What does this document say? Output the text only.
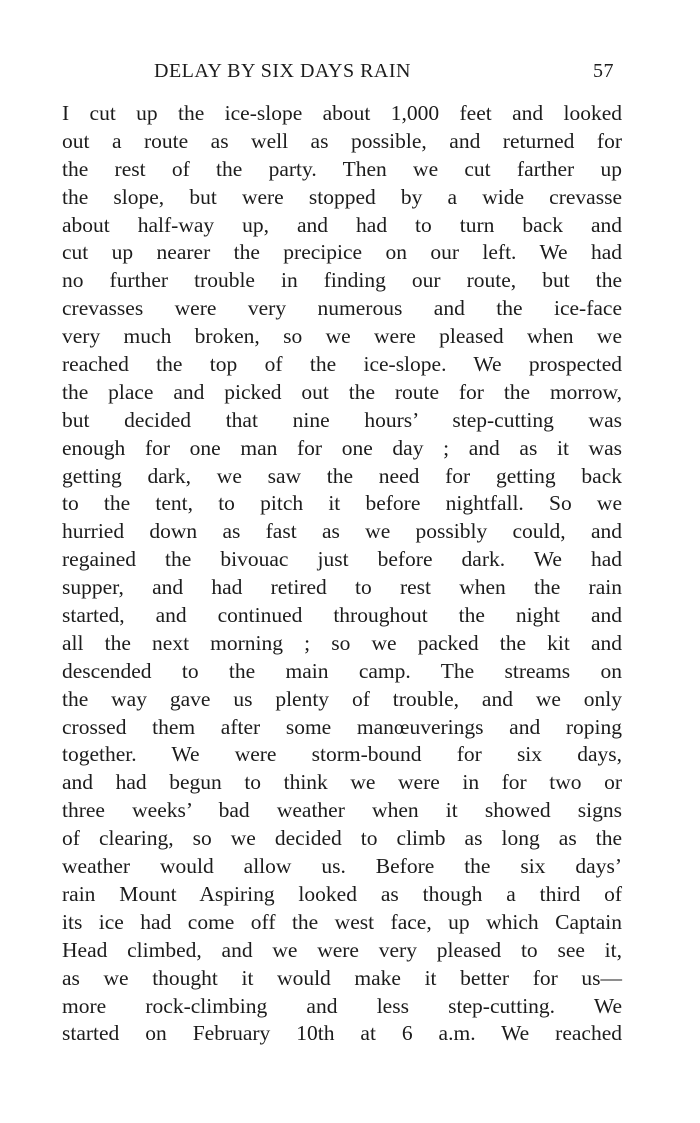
DELAY BY SIX DAYS RAIN	57
I cut up the ice-slope about 1,000 feet and looked
out a route as well as possible, and returned for
the rest of the party. Then we cut farther up
the slope, but were stopped by a wide crevasse
about half-way up, and had to turn back and
cut up nearer the precipice on our left. We had
no further trouble in finding our route, but the
crevasses were very numerous and the ice-face
very much broken, so we were pleased when we
reached the top of the ice-slope. We prospected
the place and picked out the route for the morrow,
but decided that nine hours’ step-cutting was
enough for one man for one day ; and as it was
getting dark, we saw the need for getting back
to the tent, to pitch it before nightfall. So we
hurried down as fast as we possibly could, and
regained the bivouac just before dark. We had
supper, and had retired to rest when the rain
started, and continued throughout the night and
all the next morning ; so we packed the kit and
descended to the main camp. The streams on
the way gave us plenty of trouble, and we only
crossed them after some manœuverings and roping
together. We were storm-bound for six days,
and had begun to think we were in for two or
three weeks’ bad weather when it showed signs
of clearing, so we decided to climb as long as the
weather would allow us. Before the six days’
rain Mount Aspiring looked as though a third of
its ice had come off the west face, up which Captain
Head climbed, and we were very pleased to see it,
as we thought it would make it better for us—
more rock-climbing and less step-cutting. We
started on February 10th at 6 a.m. We reached
